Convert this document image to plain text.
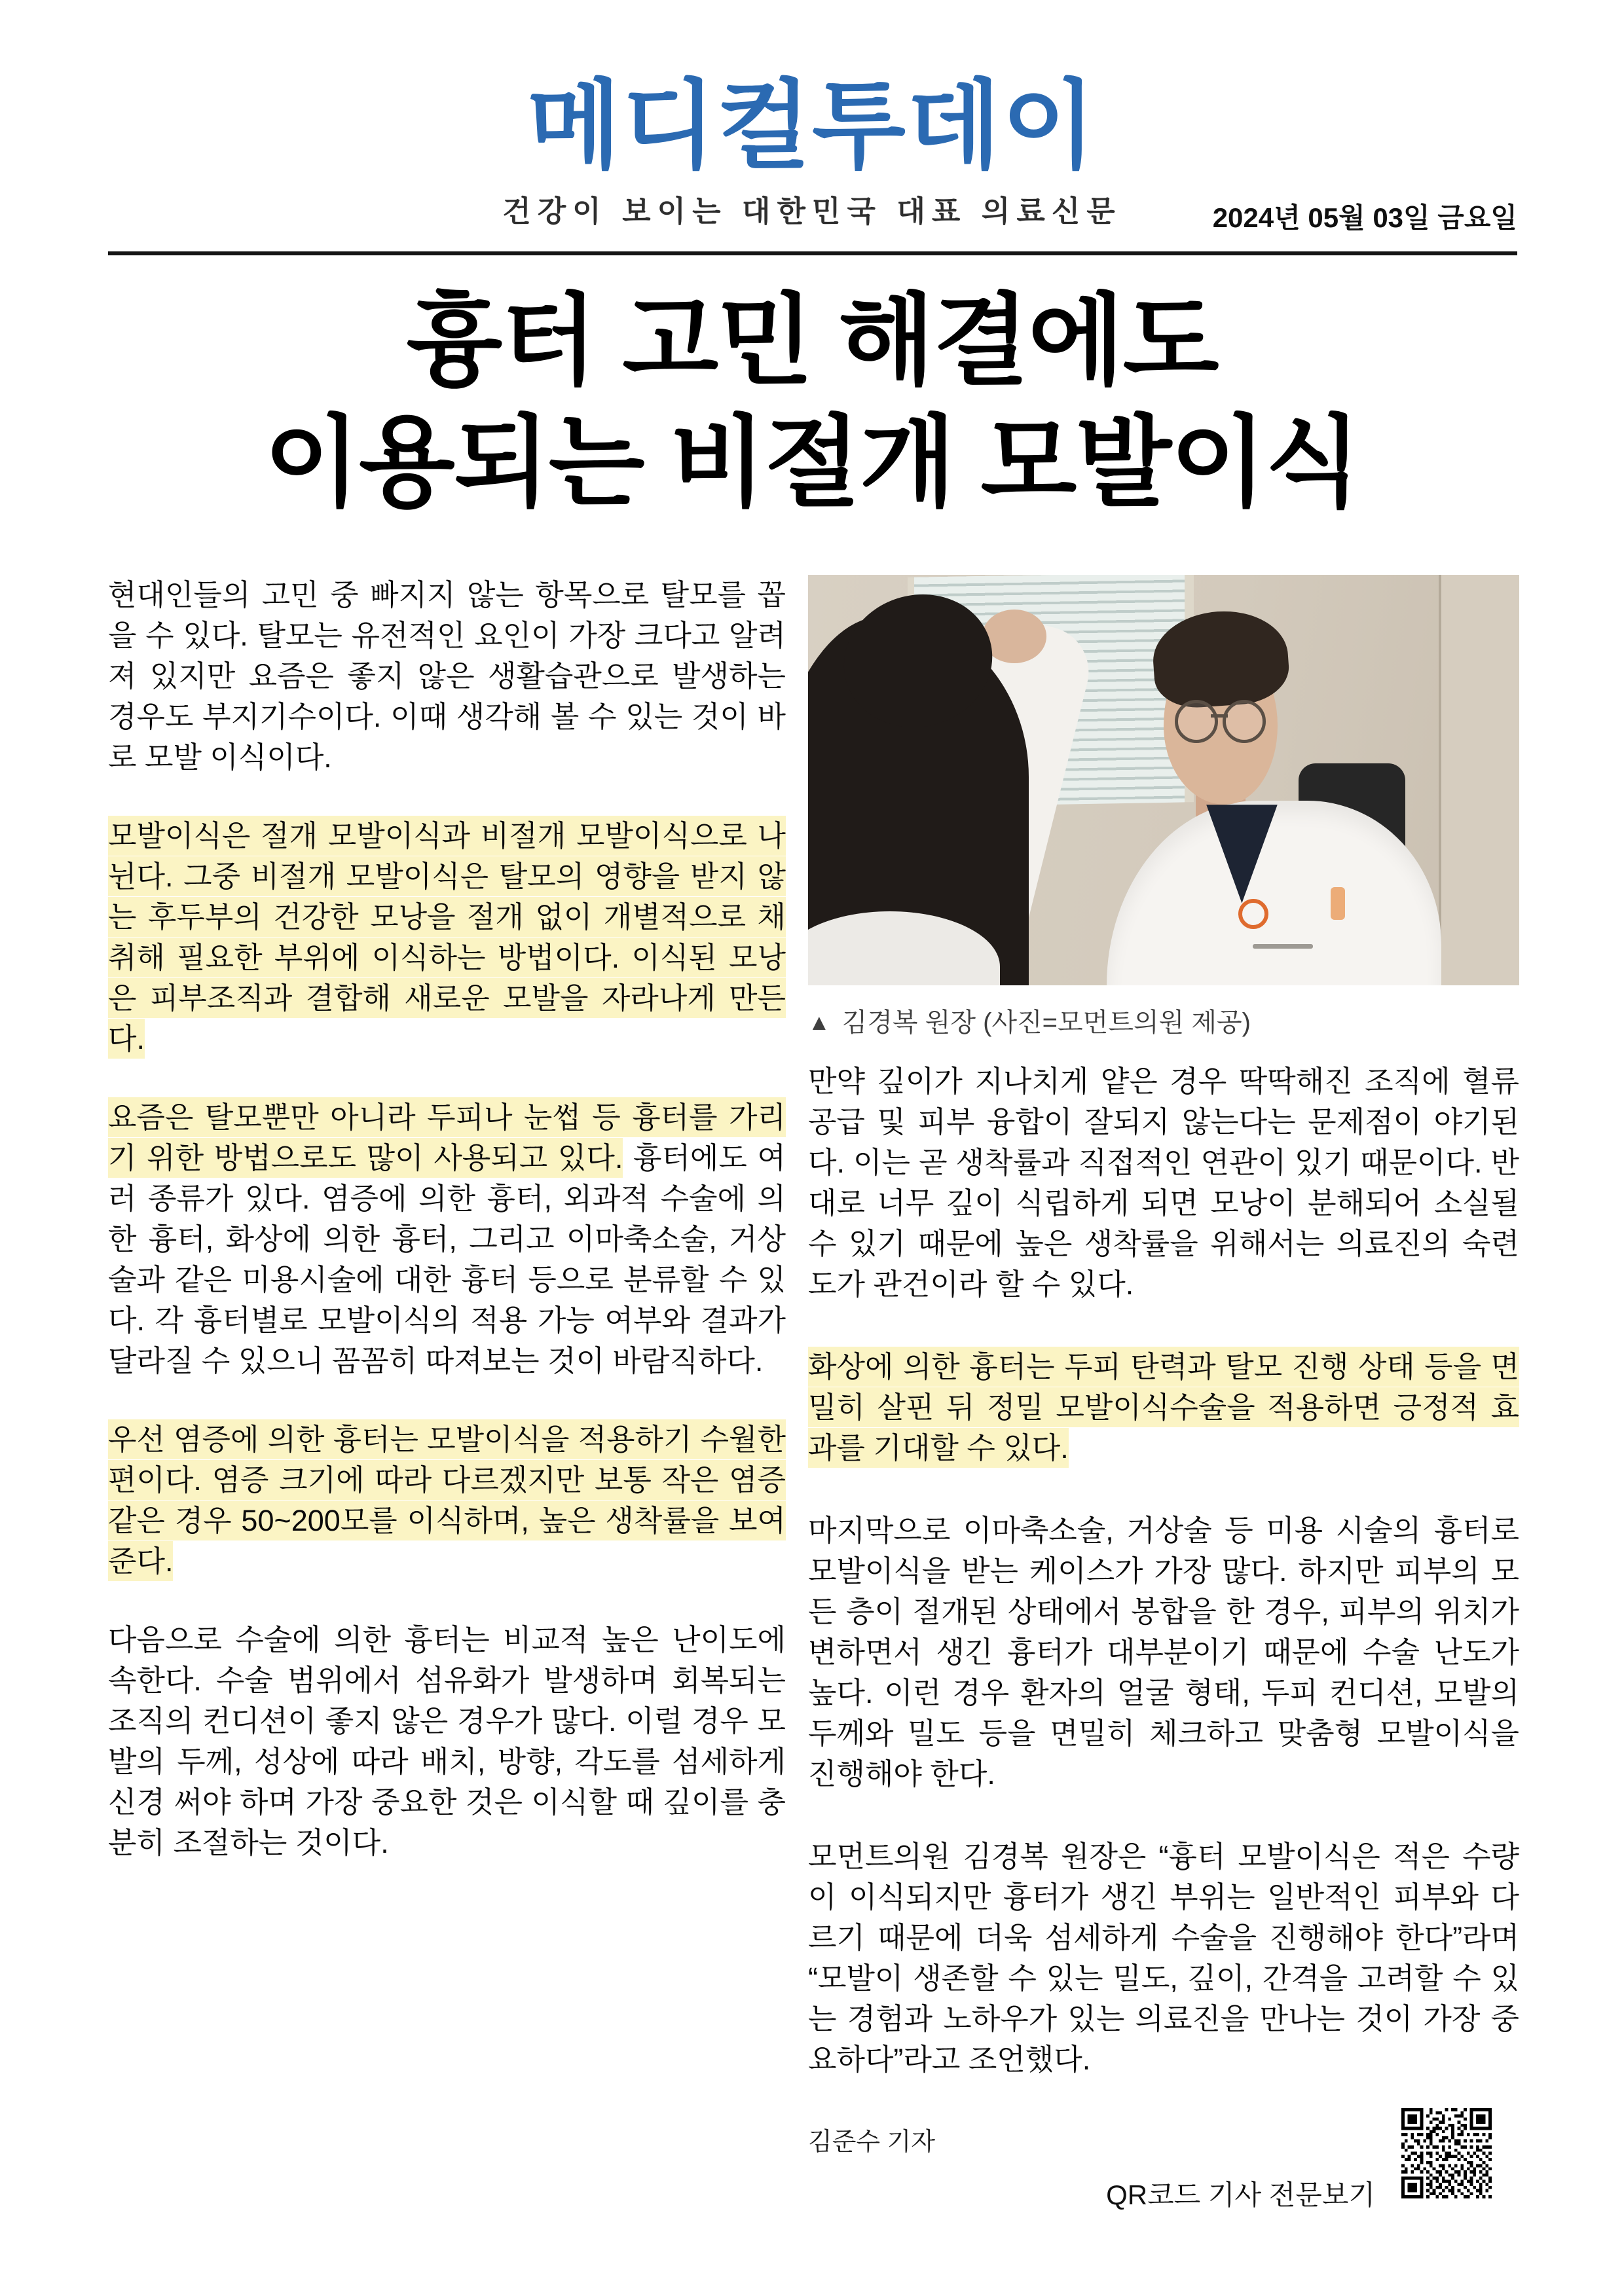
메디컬투데이
건강이 보이는 대한민국 대표 의료신문	2024년 05월 03일 금요일
흉터 고민 해결에도
이용되는 비절개 모발이식

현대인들의 고민 중 빠지지 않는 항목으로 탈모를 꼽을 수 있다. 탈모는 유전적인 요인이 가장 크다고 알려져 있지만 요즘은 좋지 않은 생활습관으로 발생하는 경우도 부지기수이다. 이때 생각해 볼 수 있는 것이 바로 모발 이식이다.

모발이식은 절개 모발이식과 비절개 모발이식으로 나뉜다. 그중 비절개 모발이식은 탈모의 영향을 받지 않는 후두부의 건강한 모낭을 절개 없이 개별적으로 채취해 필요한 부위에 이식하는 방법이다. 이식된 모낭은 피부조직과 결합해 새로운 모발을 자라나게 만든다.

요즘은 탈모뿐만 아니라 두피나 눈썹 등 흉터를 가리기 위한 방법으로도 많이 사용되고 있다. 흉터에도 여러 종류가 있다. 염증에 의한 흉터, 외과적 수술에 의한 흉터, 화상에 의한 흉터, 그리고 이마축소술, 거상술과 같은 미용시술에 대한 흉터 등으로 분류할 수 있다. 각 흉터별로 모발이식의 적용 가능 여부와 결과가 달라질 수 있으니 꼼꼼히 따져보는 것이 바람직하다.

우선 염증에 의한 흉터는 모발이식을 적용하기 수월한 편이다. 염증 크기에 따라 다르겠지만 보통 작은 염증 같은 경우 50~200모를 이식하며, 높은 생착률을 보여준다.

다음으로 수술에 의한 흉터는 비교적 높은 난이도에 속한다. 수술 범위에서 섬유화가 발생하며 회복되는 조직의 컨디션이 좋지 않은 경우가 많다. 이럴 경우 모발의 두께, 성상에 따라 배치, 방향, 각도를 섬세하게 신경 써야 하며 가장 중요한 것은 이식할 때 깊이를 충분히 조절하는 것이다.

▲ 김경복 원장 (사진=모먼트의원 제공)

만약 깊이가 지나치게 얕은 경우 딱딱해진 조직에 혈류 공급 및 피부 융합이 잘되지 않는다는 문제점이 야기된다. 이는 곧 생착률과 직접적인 연관이 있기 때문이다. 반대로 너무 깊이 식립하게 되면 모낭이 분해되어 소실될 수 있기 때문에 높은 생착률을 위해서는 의료진의 숙련도가 관건이라 할 수 있다.

화상에 의한 흉터는 두피 탄력과 탈모 진행 상태 등을 면밀히 살핀 뒤 정밀 모발이식수술을 적용하면 긍정적 효과를 기대할 수 있다.

마지막으로 이마축소술, 거상술 등 미용 시술의 흉터로 모발이식을 받는 케이스가 가장 많다. 하지만 피부의 모든 층이 절개된 상태에서 봉합을 한 경우, 피부의 위치가 변하면서 생긴 흉터가 대부분이기 때문에 수술 난도가 높다. 이런 경우 환자의 얼굴 형태, 두피 컨디션, 모발의 두께와 밀도 등을 면밀히 체크하고 맞춤형 모발이식을 진행해야 한다.

모먼트의원 김경복 원장은 “흉터 모발이식은 적은 수량이 이식되지만 흉터가 생긴 부위는 일반적인 피부와 다르기 때문에 더욱 섬세하게 수술을 진행해야 한다”라며 “모발이 생존할 수 있는 밀도, 깊이, 간격을 고려할 수 있는 경험과 노하우가 있는 의료진을 만나는 것이 가장 중요하다”라고 조언했다.

김준수 기자
QR코드 기사 전문보기
